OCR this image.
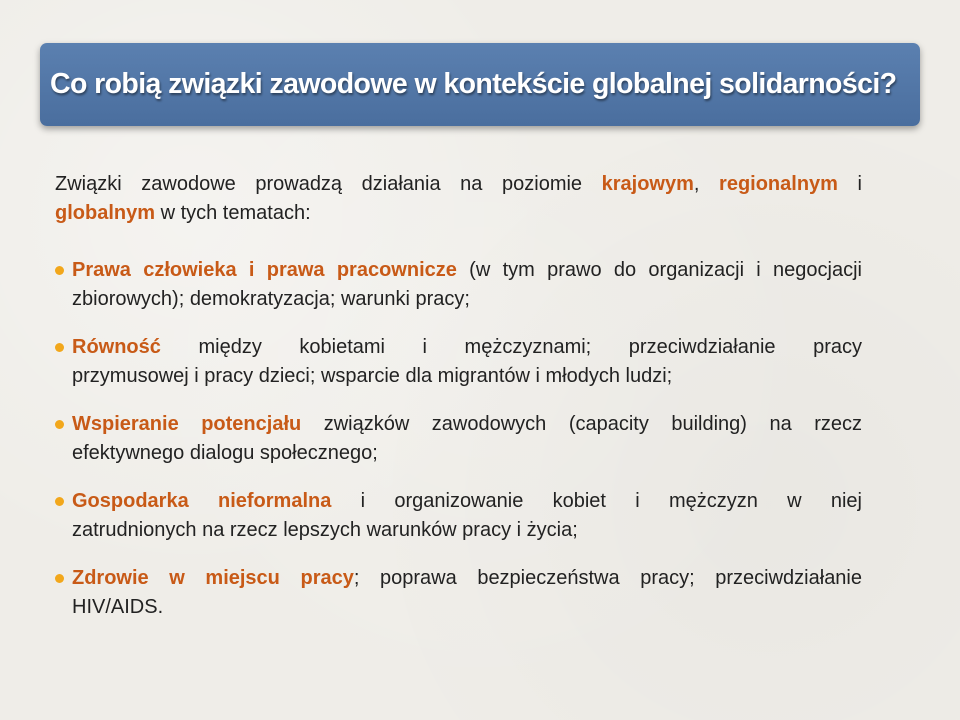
Co robią związki zawodowe w kontekście globalnej solidarności?
Związki zawodowe prowadzą działania na poziomie krajowym, regionalnym i
globalnym w tych tematach:
Prawa człowieka i prawa pracownicze (w tym prawo do organizacji i negocjacji
zbiorowych); demokratyzacja; warunki pracy;
Równość między kobietami i mężczyznami; przeciwdziałanie pracy
przymusowej i pracy dzieci; wsparcie dla migrantów i młodych ludzi;
Wspieranie potencjału związków zawodowych (capacity building) na rzecz
efektywnego dialogu społecznego;
Gospodarka nieformalna i organizowanie kobiet i mężczyzn w niej
zatrudnionych na rzecz lepszych warunków pracy i życia;
Zdrowie w miejscu pracy; poprawa bezpieczeństwa pracy; przeciwdziałanie
HIV/AIDS.
